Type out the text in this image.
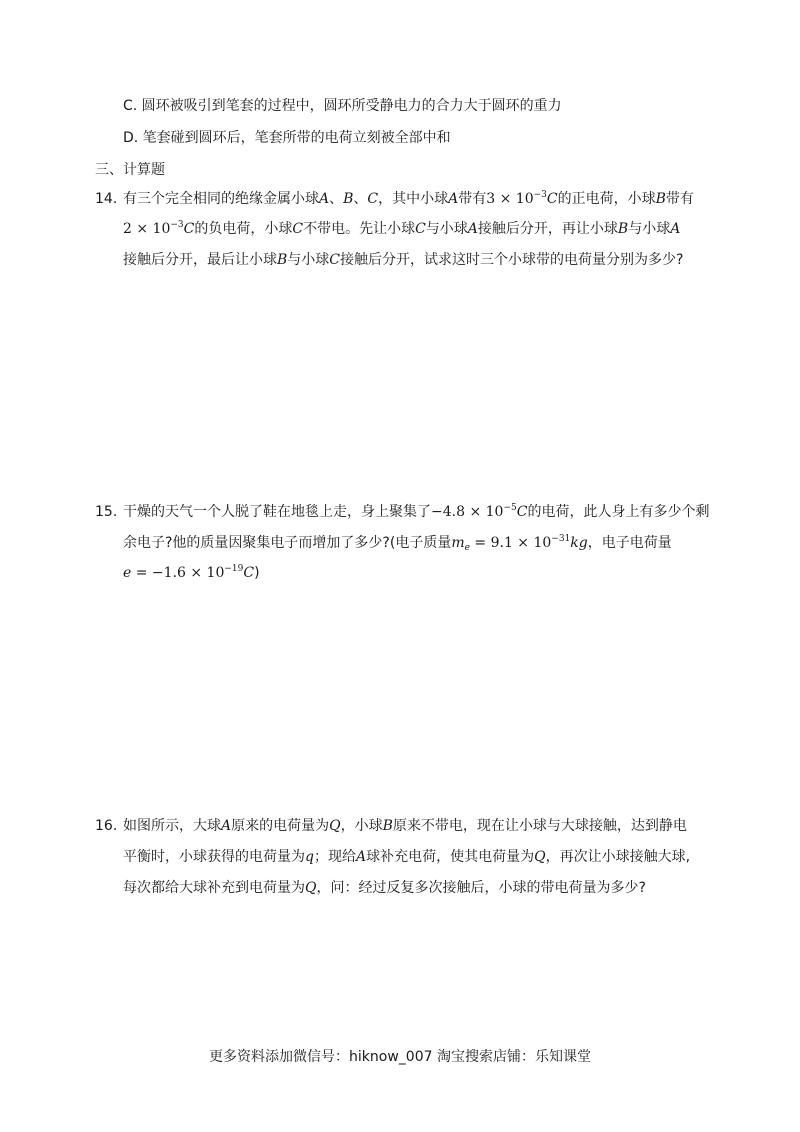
C. 圆环被吸引到笔套的过程中，圆环所受静电力的合力大于圆环的重力
D. 笔套碰到圆环后，笔套所带的电荷立刻被全部中和
三、计算题
14. 有三个完全相同的绝缘金属小球A、B、C，其中小球A带有$3 \times 10^{-3}C$的正电荷，小球B带有
$2 \times 10^{-3}C$的负电荷，小球C不带电。先让小球C与小球A接触后分开，再让小球B与小球A
接触后分开，最后让小球B与小球C接触后分开，试求这时三个小球带的电荷量分别为多少?
15. 干燥的天气一个人脱了鞋在地毯上走，身上聚集了$-4.8 \times 10^{-5}C$的电荷，此人身上有多少个剩
余电子?他的质量因聚集电子而增加了多少?(电子质量$m_e = 9.1 \times 10^{-31}kg$，电子电荷量
$e = -1.6 \times 10^{-19}C$)
16. 如图所示，大球A原来的电荷量为Q，小球B原来不带电，现在让小球与大球接触，达到静电
平衡时，小球获得的电荷量为q；现给A球补充电荷，使其电荷量为Q，再次让小球接触大球,
每次都给大球补充到电荷量为Q，问：经过反复多次接触后，小球的带电荷量为多少?
更多资料添加微信号：hiknow_007 淘宝搜索店铺：乐知课堂
